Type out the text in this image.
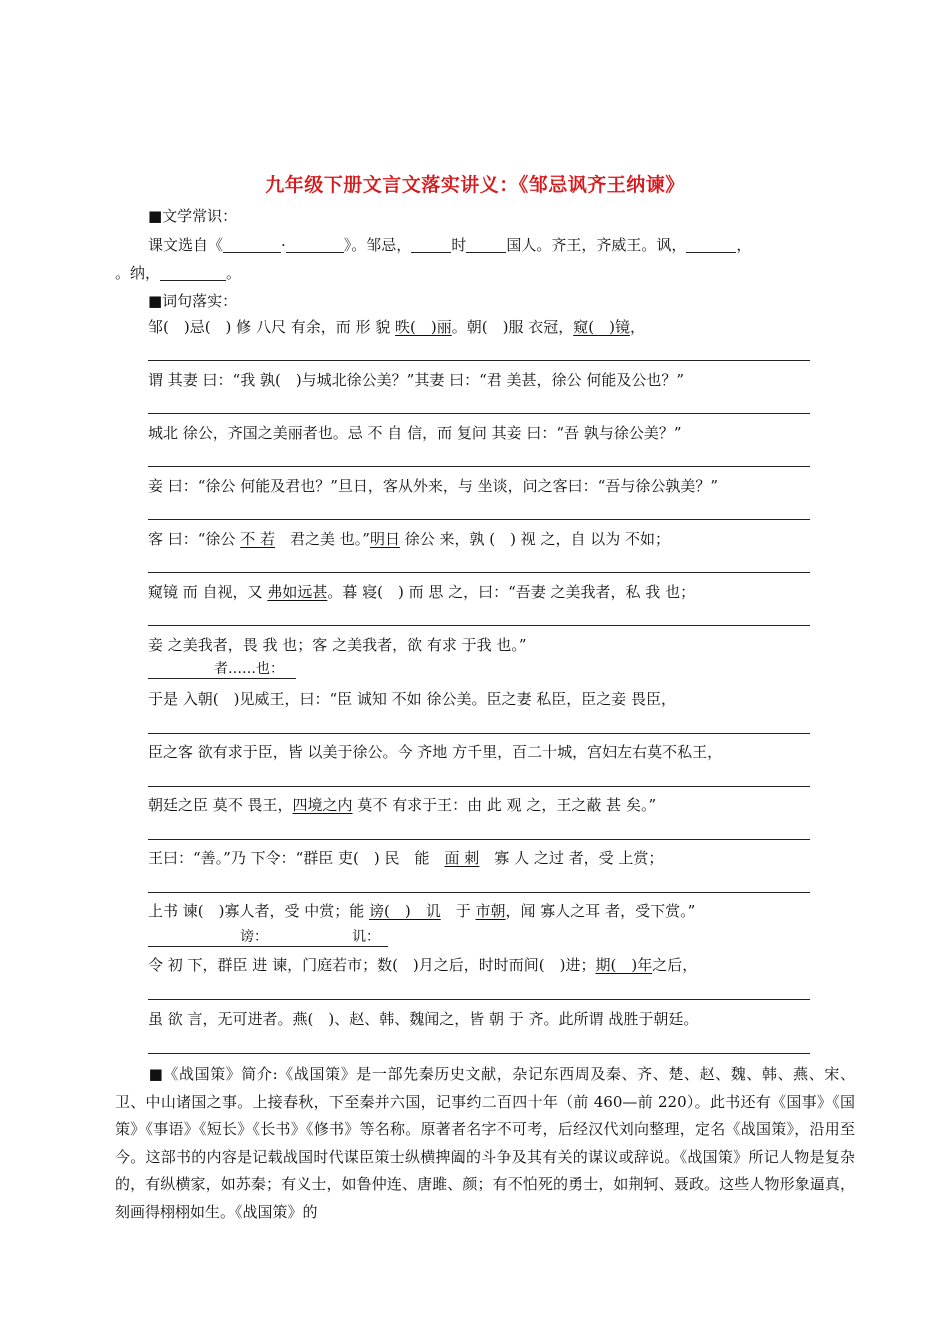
九年级下册文言文落实讲义：《邹忌讽齐王纳谏》
■文学常识：
课文选自《	·	》。邹忌，	时	国人。齐王，齐威王。讽，	，
。纳，	。
■词句落实：
邹(　)忌(　) 修 八尺 有余，而 形 貌 昳(　)丽。朝(　)服 衣冠，窥(　)镜，
谓 其妻 曰：“我 孰(　)与城北徐公美？”其妻 曰：“君 美甚，徐公 何能及公也？”
城北 徐公，齐国之美丽者也。忌 不 自 信，而 复问 其妾 曰：“吾 孰与徐公美？”
妾 曰：“徐公 何能及君也？”旦日，客从外来，与 坐谈，问之客曰：“吾与徐公孰美？”
客 曰：“徐公 不 若　君之美 也。”明日 徐公 来，孰 (　) 视 之，自 以为 不如；
窥镜 而 自视，又 弗如远甚。暮 寝(　) 而 思 之，曰：“吾妻 之美我者，私 我 也；
妾 之美我者，畏 我 也；客 之美我者，欲 有求 于我 也。”
者……也：
于是 入朝(　)见威王，曰：“臣 诚知 不如 徐公美。臣之妻 私臣，臣之妾 畏臣，
臣之客 欲有求于臣，皆 以美于徐公。今 齐地 方千里，百二十城，宫妇左右莫不私王，
朝廷之臣 莫不 畏王，四境之内 莫不 有求于王：由 此 观 之，王之蔽 甚 矣。”
王曰：“善。”乃 下令：“群臣 吏(　) 民　能　面 刺　寡 人 之过 者，受 上赏；
上书 谏(　)寡人者，受 中赏；能 谤(　)　讥　于 市朝，闻 寡人之耳 者，受下赏。”
谤：	讥：
令 初 下，群臣 进 谏，门庭若市；数(　)月之后，时时而间(　)进；期(　)年之后，
虽 欲 言，无可进者。燕(　)、赵、韩、魏闻之，皆 朝 于 齐。此所谓 战胜于朝廷。
■《战国策》简介:《战国策》是一部先秦历史文献，杂记东西周及秦、齐、楚、赵、魏、韩、燕、宋、卫、中山诸国之事。上接春秋，下至秦并六国，记事约二百四十年（前 460—前 220）。此书还有《国事》《国策》《事语》《短长》《长书》《修书》等名称。原著者名字不可考，后经汉代刘向整理，定名《战国策》，沿用至今。这部书的内容是记载战国时代谋臣策士纵横捭阖的斗争及其有关的谋议或辞说。《战国策》所记人物是复杂的，有纵横家，如苏秦；有义士，如鲁仲连、唐雎、颜；有不怕死的勇士，如荆轲、聂政。这些人物形象逼真，刻画得栩栩如生。《战国策》的
